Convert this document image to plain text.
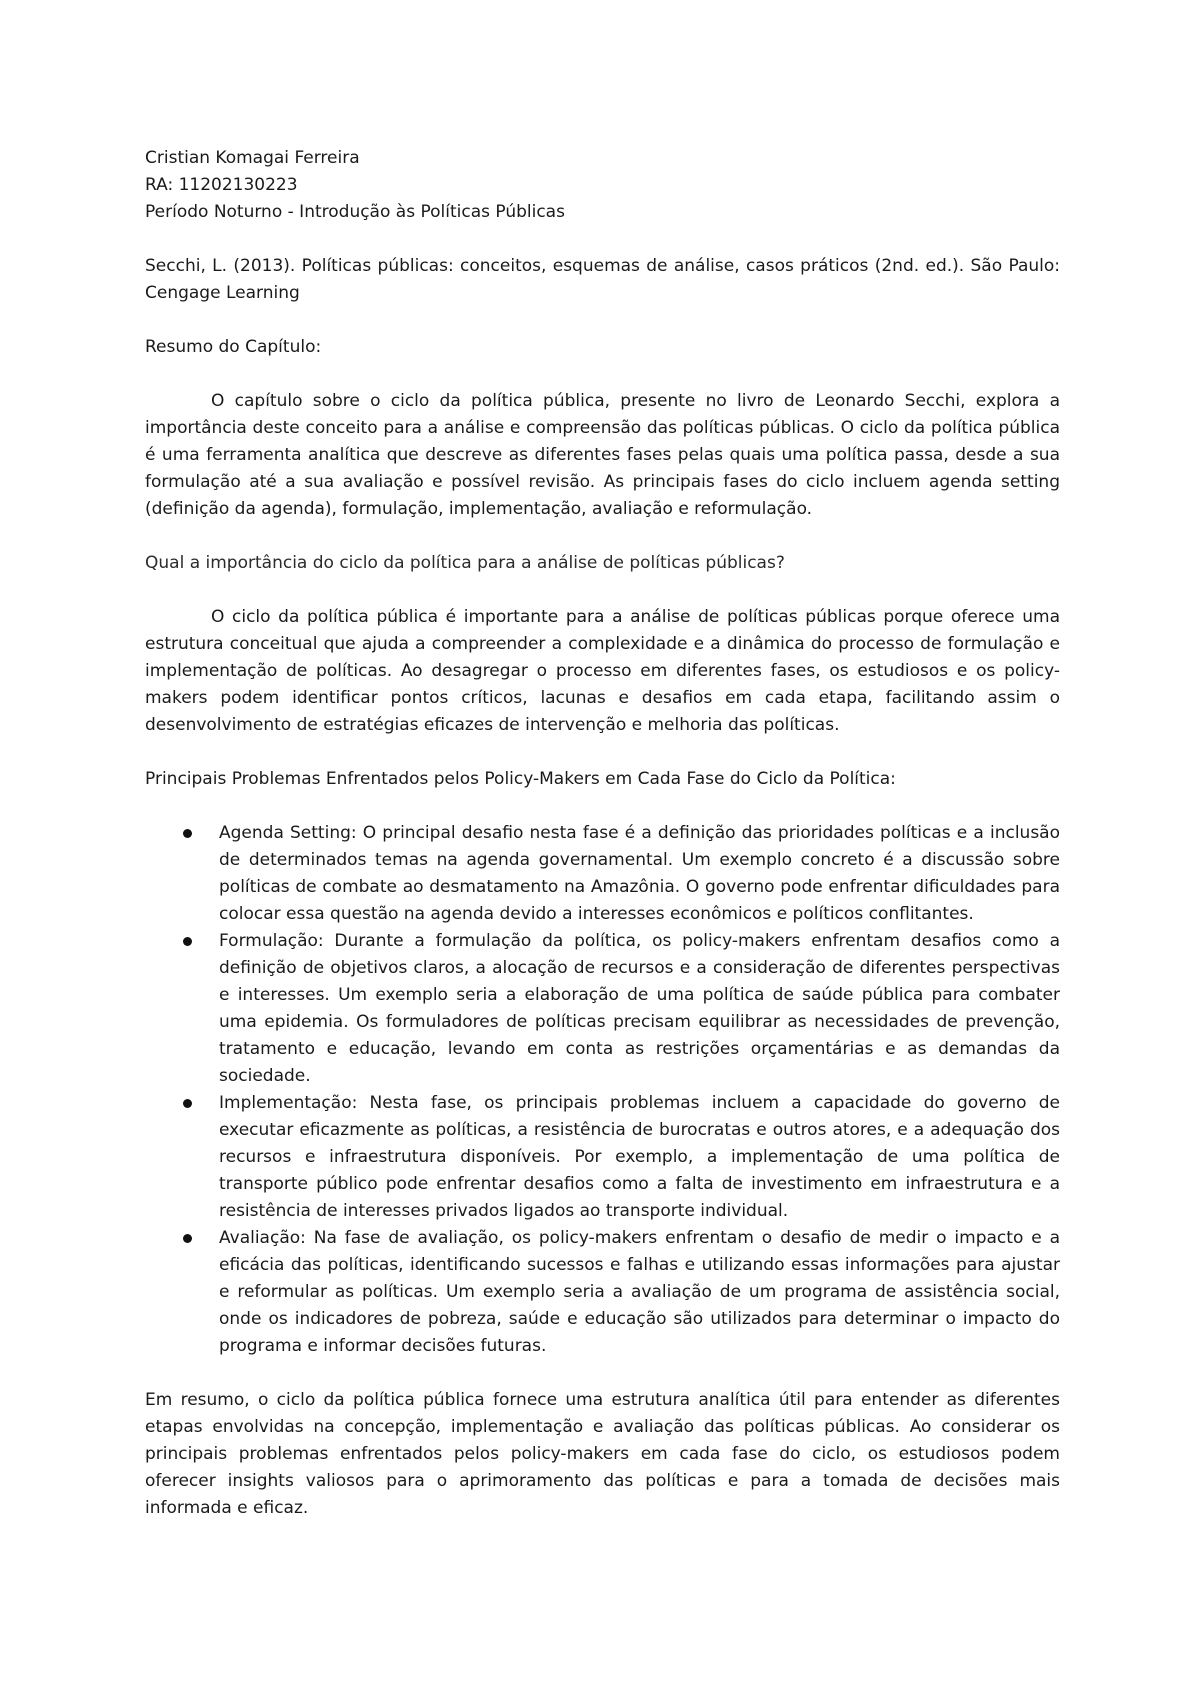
Cristian Komagai Ferreira

RA: 11202130223

Período Noturno - Introdução às Políticas Públicas

Secchi, L. (2013). Políticas públicas: conceitos, esquemas de análise, casos práticos (2nd. ed.). São Paulo: Cengage Learning

Resumo do Capítulo:

O capítulo sobre o ciclo da política pública, presente no livro de Leonardo Secchi, explora a importância deste conceito para a análise e compreensão das políticas públicas. O ciclo da política pública é uma ferramenta analítica que descreve as diferentes fases pelas quais uma política passa, desde a sua formulação até a sua avaliação e possível revisão. As principais fases do ciclo incluem agenda setting (definição da agenda), formulação, implementação, avaliação e reformulação.

Qual a importância do ciclo da política para a análise de políticas públicas?

O ciclo da política pública é importante para a análise de políticas públicas porque oferece uma estrutura conceitual que ajuda a compreender a complexidade e a dinâmica do processo de formulação e implementação de políticas. Ao desagregar o processo em diferentes fases, os estudiosos e os policy-makers podem identificar pontos críticos, lacunas e desafios em cada etapa, facilitando assim o desenvolvimento de estratégias eficazes de intervenção e melhoria das políticas.

Principais Problemas Enfrentados pelos Policy-Makers em Cada Fase do Ciclo da Política:

Agenda Setting: O principal desafio nesta fase é a definição das prioridades políticas e a inclusão de determinados temas na agenda governamental. Um exemplo concreto é a discussão sobre políticas de combate ao desmatamento na Amazônia. O governo pode enfrentar dificuldades para colocar essa questão na agenda devido a interesses econômicos e políticos conflitantes.
Formulação: Durante a formulação da política, os policy-makers enfrentam desafios como a definição de objetivos claros, a alocação de recursos e a consideração de diferentes perspectivas e interesses. Um exemplo seria a elaboração de uma política de saúde pública para combater uma epidemia. Os formuladores de políticas precisam equilibrar as necessidades de prevenção, tratamento e educação, levando em conta as restrições orçamentárias e as demandas da sociedade.
Implementação: Nesta fase, os principais problemas incluem a capacidade do governo de executar eficazmente as políticas, a resistência de burocratas e outros atores, e a adequação dos recursos e infraestrutura disponíveis. Por exemplo, a implementação de uma política de transporte público pode enfrentar desafios como a falta de investimento em infraestrutura e a resistência de interesses privados ligados ao transporte individual.
Avaliação: Na fase de avaliação, os policy-makers enfrentam o desafio de medir o impacto e a eficácia das políticas, identificando sucessos e falhas e utilizando essas informações para ajustar e reformular as políticas. Um exemplo seria a avaliação de um programa de assistência social, onde os indicadores de pobreza, saúde e educação são utilizados para determinar o impacto do programa e informar decisões futuras.

Em resumo, o ciclo da política pública fornece uma estrutura analítica útil para entender as diferentes etapas envolvidas na concepção, implementação e avaliação das políticas públicas. Ao considerar os principais problemas enfrentados pelos policy-makers em cada fase do ciclo, os estudiosos podem oferecer insights valiosos para o aprimoramento das políticas e para a tomada de decisões mais informada e eficaz.
